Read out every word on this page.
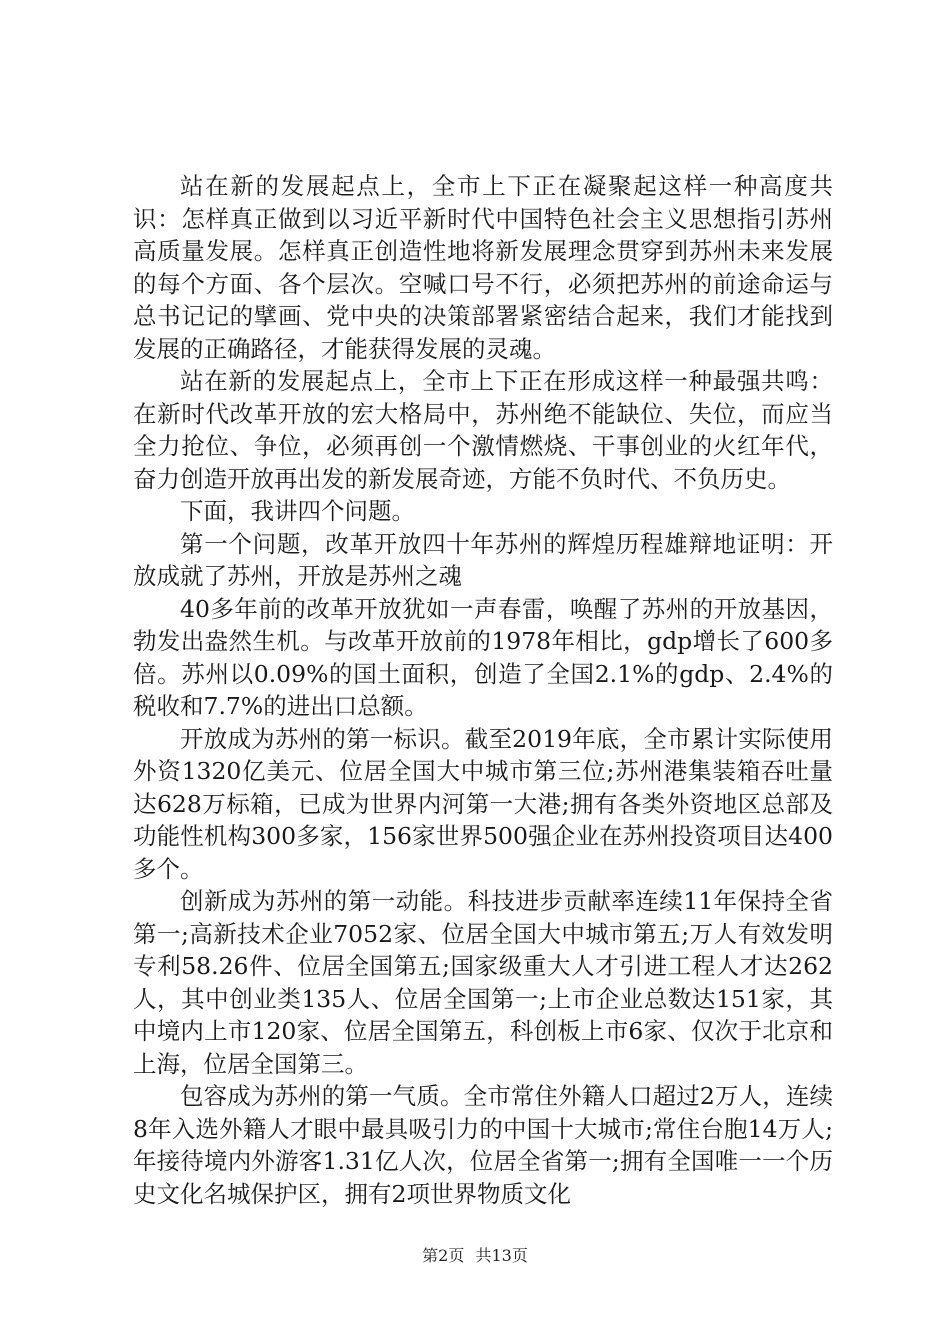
站在新的发展起点上，全市上下正在凝聚起这样一种高度共识：怎样真正做到以习近平新时代中国特色社会主义思想指引苏州高质量发展。怎样真正创造性地将新发展理念贯穿到苏州未来发展的每个方面、各个层次。空喊口号不行，必须把苏州的前途命运与总书记记的擘画、党中央的决策部署紧密结合起来，我们才能找到发展的正确路径，才能获得发展的灵魂。

站在新的发展起点上，全市上下正在形成这样一种最强共鸣：在新时代改革开放的宏大格局中，苏州绝不能缺位、失位，而应当全力抢位、争位，必须再创一个激情燃烧、干事创业的火红年代，奋力创造开放再出发的新发展奇迹，方能不负时代、不负历史。

下面，我讲四个问题。

第一个问题，改革开放四十年苏州的辉煌历程雄辩地证明：开放成就了苏州，开放是苏州之魂

40多年前的改革开放犹如一声春雷，唤醒了苏州的开放基因，勃发出盎然生机。与改革开放前的1978年相比，gdp增长了600多倍。苏州以0.09%的国土面积，创造了全国2.1%的gdp、2.4%的税收和7.7%的进出口总额。

开放成为苏州的第一标识。截至2019年底，全市累计实际使用外资1320亿美元、位居全国大中城市第三位;苏州港集装箱吞吐量达628万标箱，已成为世界内河第一大港;拥有各类外资地区总部及功能性机构300多家，156家世界500强企业在苏州投资项目达400多个。

创新成为苏州的第一动能。科技进步贡献率连续11年保持全省第一;高新技术企业7052家、位居全国大中城市第五;万人有效发明专利58.26件、位居全国第五;国家级重大人才引进工程人才达262人，其中创业类135人、位居全国第一;上市企业总数达151家，其中境内上市120家、位居全国第五，科创板上市6家、仅次于北京和上海，位居全国第三。

包容成为苏州的第一气质。全市常住外籍人口超过2万人，连续8年入选外籍人才眼中最具吸引力的中国十大城市;常住台胞14万人;年接待境内外游客1.31亿人次，位居全省第一;拥有全国唯一一个历史文化名城保护区，拥有2项世界物质文化

第2页 共13页
